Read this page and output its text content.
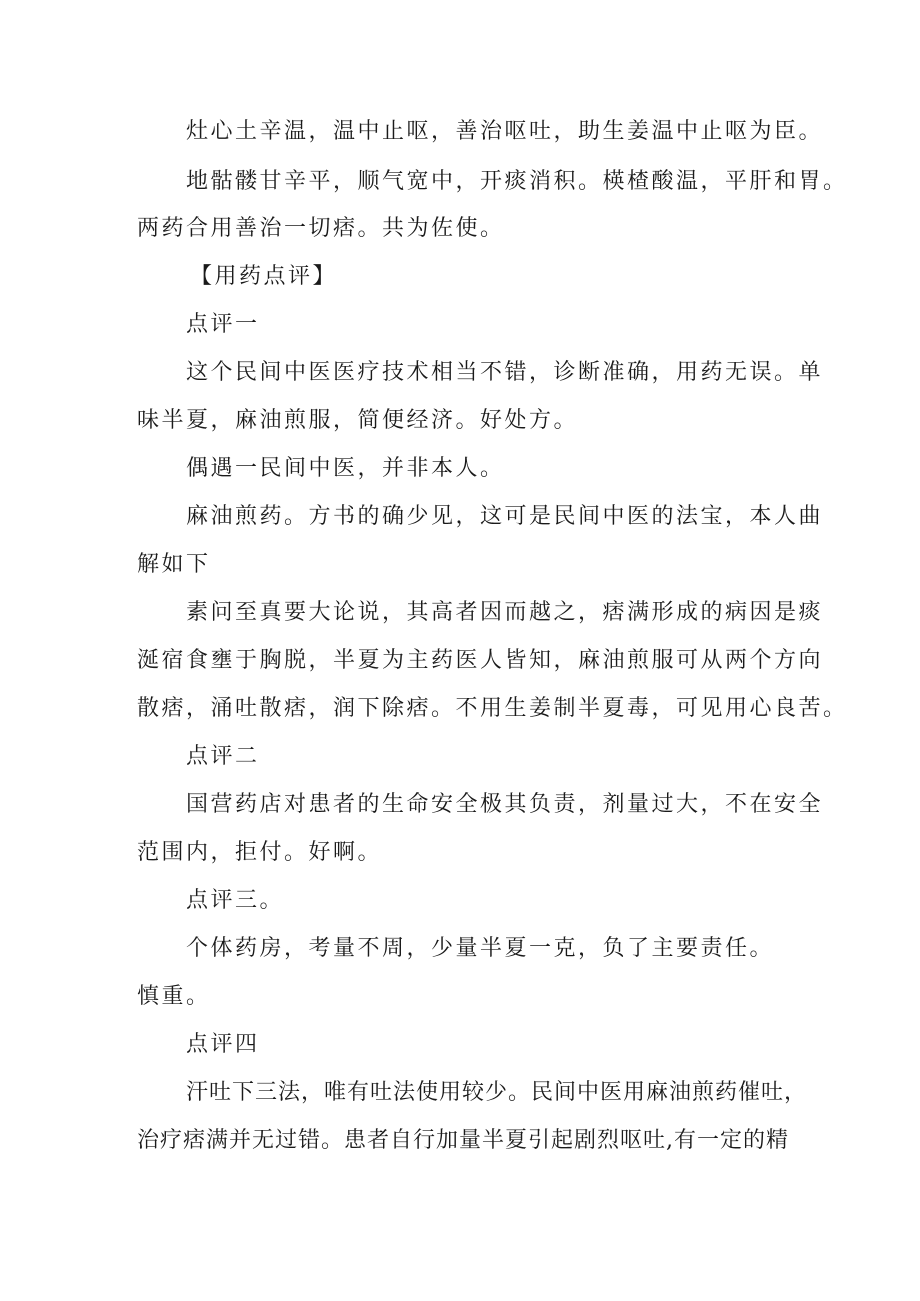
灶心土辛温，温中止呕，善治呕吐，助生姜温中止呕为臣。
地骷髅甘辛平，顺气宽中，开痰消积。楧楂酸温，平肝和胃。
两药合用善治一切痞。共为佐使。
【用药点评】
点评一
这个民间中医医疗技术相当不错，诊断准确，用药无误。单
味半夏，麻油煎服，简便经济。好处方。
偶遇一民间中医，并非本人。
麻油煎药。方书的确少见，这可是民间中医的法宝，本人曲
解如下
素问至真要大论说，其高者因而越之，痞满形成的病因是痰
涎宿食壅于胸脱，半夏为主药医人皆知，麻油煎服可从两个方向
散痞，涌吐散痞，润下除痞。不用生姜制半夏毒，可见用心良苦。
点评二
国营药店对患者的生命安全极其负责，剂量过大，不在安全
范围内，拒付。好啊。
点评三。
个体药房，考量不周，少量半夏一克，负了主要责任。
慎重。
点评四
汗吐下三法，唯有吐法使用较少。民间中医用麻油煎药催吐，
治疗痞满并无过错。患者自行加量半夏引起剧烈呕吐,有一定的精
